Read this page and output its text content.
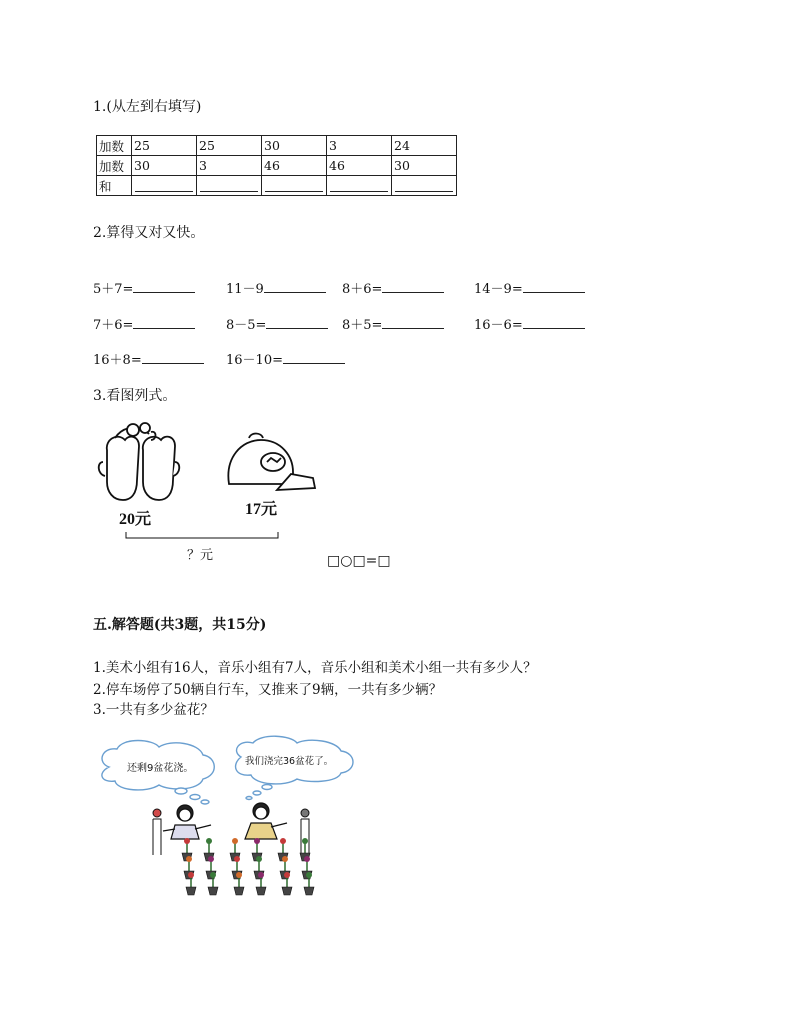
1.(从左到右填写)
加数	25	25	30	3	24
加数	30	3	46	46	30
和	

2.算得又对又快。
5＋7=	11－9	8＋6=	14－9=
7＋6=	8－5=	8＋5=	16－6=
16＋8=	16－10=
3.看图列式。
20元
17元
？元	□○□=□
五.解答题(共3题，共15分)
1.美术小组有16人，音乐小组有7人，音乐小组和美术小组一共有多少人？
2.停车场停了50辆自行车，又推来了9辆，一共有多少辆？
3.一共有多少盆花？
还剩9盆花浇。
我们浇完36盆花了。
